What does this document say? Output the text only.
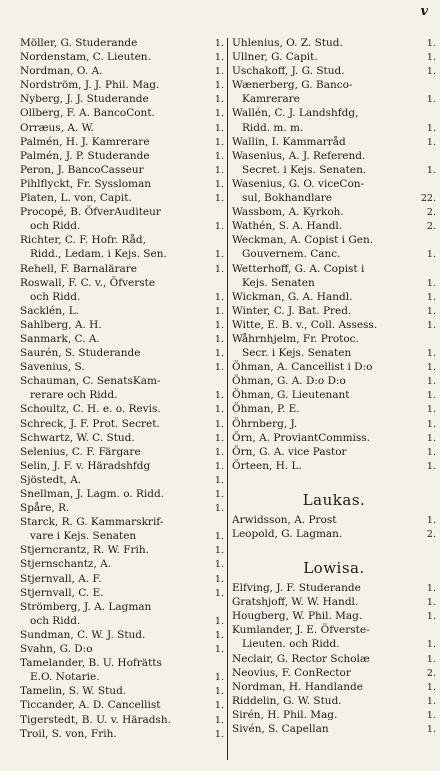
v
Möller, G. Studerande	1.
Nordenstam, C. Lieuten.	1.
Nordman, O. A.	1.
Nordström, J. J. Phil. Mag.	1.
Nyberg, J. J. Studerande	1.
Ollberg, F. A. BancoCont.	1.
Orræus, A. W.	1.
Palmén, H. J. Kamrerare	1.
Palmén, J. P. Studerande	1.
Peron, J. BancoCasseur	1.
Pihlflyckt, Fr. Syssloman	1.
Platen, L. von, Capit.	1.
Procopé, B. ÖfverAuditeur
och Ridd.	1.
Richter, C. F. Hofr. Råd,
Ridd., Ledam. i Kejs. Sen.	1.
Rehell, F. Barnalärare	1.
Roswall, F. C. v., Öfverste
och Ridd.	1.
Sacklén, L.	1.
Sahlberg, A. H.	1.
Sanmark, C. A.	1.
Saurén, S. Studerande	1.
Savenius, S.	1.
Schauman, C. SenatsKam-
rerare och Ridd.	1.
Schoultz, C. H. e. o. Revis.	1.
Schreck, J. F. Prot. Secret.	1.
Schwartz, W. C. Stud.	1.
Selenius, C. F. Färgare	1.
Selin, J. F. v. Häradshfdg	1.
Sjöstedt, A.	1.
Snellman, J. Lagm. o. Ridd.	1.
Spåre, R.	1.
Starck, R. G. Kammarskrif-
vare i Kejs. Senaten	1.
Stjerncrantz, R. W. Frih.	1.
Stjernschantz, A.	1.
Stjernvall, A. F.	1.
Stjernvall, C. E.	1.
Strömberg, J. A. Lagman
och Ridd.	1.
Sundman, C. W. J. Stud.	1.
Svahn, G. D:o	1.
Tamelander, B. U. Hofrätts
E.O. Notarie.	1.
Tamelin, S. W. Stud.	1.
Ticcander, A. D. Cancellist	1.
Tigerstedt, B. U. v. Häradsh.	1.
Troil, S. von, Frih.	1.
Uhlenius, O. Z. Stud.	1.
Ullner, G. Capit.	1.
Uschakoff, J. G. Stud.	1.
Wænerberg, G. Banco-
Kamrerare	1.
Wallén, C. J. Landshfdg,
Ridd. m. m.	1.
Wallin, I. Kammarråd	1.
Wasenius, A. J. Referend.
Secret. i Kejs. Senaten.	1.
Wasenius, G. O. viceCon-
sul, Bokhandlare	22.
Wassbom, A. Kyrkoh.	2.
Wathén, S. A. Handl.	2.
Weckman, A. Copist i Gen.
Gouvernem. Canc.	1.
Wetterhoff, G. A. Copist i
Kejs. Senaten	1.
Wickman, G. A. Handl.	1.
Winter, C. J. Bat. Pred.	1.
Witte, E. B. v., Coll. Assess.	1.
Wåhrnhjelm, Fr. Protoc.
Secr. i Kejs. Senaten	1.
Öhman, A. Cancellist i D:o	1.
Öhman, G. A. D:o D:o	1.
Öhman, G. Lieutenant	1.
Öhman, P. E.	1.
Öhrnberg, J.	1.
Örn, A. ProviantCommiss.	1.
Örn, G. A. vice Pastor	1.
Örteen, H. L.	1.
Laukas.
Arwidsson, A. Prost	1.
Leopold, G. Lagman.	2.
Lowisa.
Elfving, J. F. Studerande	1.
Gratshjoff, W. W. Handl.	1.
Hougberg, W. Phil. Mag.	1.
Kumlander, J. E. Öfverste-
Lieuten. och Ridd.	1.
Neclair, G. Rector Scholæ	1.
Neovius, F. ConRector	2.
Nordman, H. Handlande	1.
Riddelin, G. W. Stud.	1.
Sirén, H. Phil. Mag.	1.
Sivén, S. Capellan	1.
